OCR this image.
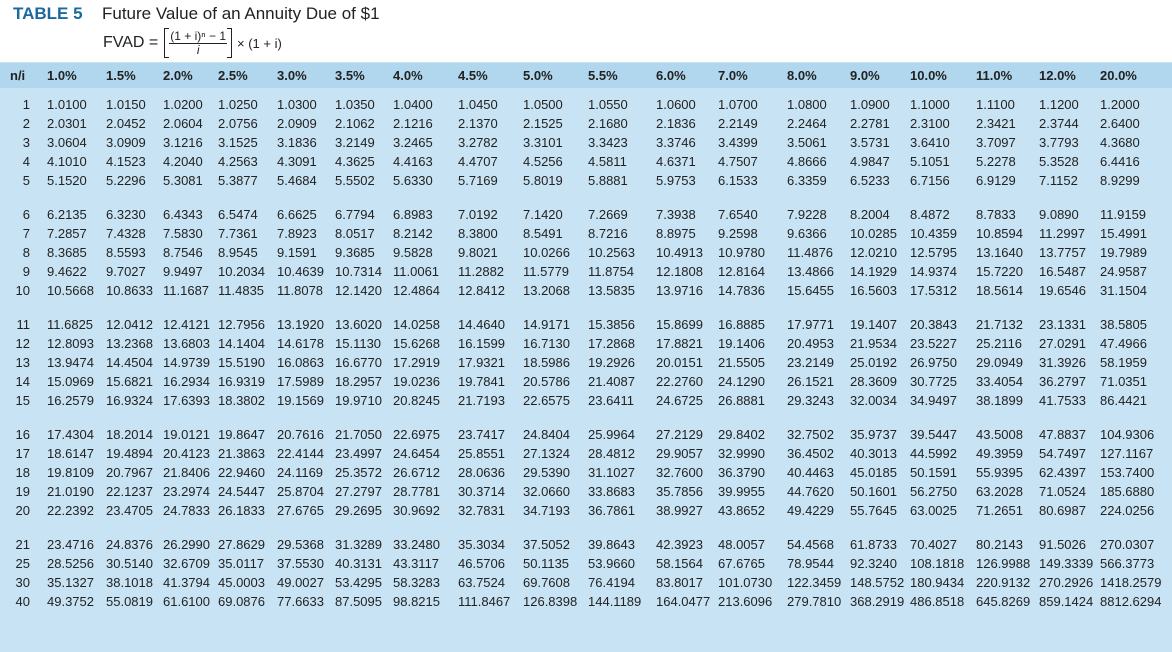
TABLE 5 Future Value of an Annuity Due of $1
FVAD = $\frac{\text{(1 + i)ⁿ − 1}}{i} \times (1 + i)$
n/i 1.0% 1.5% 2.0% 2.5% 3.0% 3.5% 4.0%	4.5%	5.0%	5.5%	6.0% 7.0%	8.0%	9.0% 10.0% 11.0% 12.0% 20.0%
1 1.0100 1.0150 1.0200 1.0250 1.0300 1.0350 1.0400 1.0450 1.0500 1.0550 1.0600 1.0700 1.0800 1.0900 1.1000 1.1100 1.1200 1.2000
2 2.0301 2.0452 2.0604 2.0756 2.0909 2.1062 2.1216 2.1370 2.1525 2.1680 2.1836 2.2149 2.2464 2.2781 2.3100 2.3421 2.3744 2.6400
3 3.0604 3.0909 3.1216 3.1525 3.1836 3.2149 3.2465 3.2782 3.3101 3.3423 3.3746 3.4399 3.5061 3.5731 3.6410 3.7097 3.7793 4.3680
4 4.1010 4.1523 4.2040 4.2563 4.3091 4.3625 4.4163 4.4707 4.5256 4.5811 4.6371 4.7507 4.8666 4.9847 5.1051 5.2278 5.3528 6.4416
5 5.1520 5.2296 5.3081 5.3877 5.4684 5.5502 5.6330 5.7169 5.8019 5.8881 5.9753 6.1533 6.3359 6.5233 6.7156 6.9129 7.1152 8.9299
6 6.2135 6.3230 6.4343 6.5474 6.6625 6.7794 6.8983 7.0192 7.1420 7.2669 7.3938 7.6540 7.9228 8.2004 8.4872 8.7833 9.0890 11.9159
7 7.2857 7.4328 7.5830 7.7361 7.8923 8.0517 8.2142 8.3800 8.5491 8.7216 8.8975 9.2598 9.6366 10.0285 10.4359 10.8594 11.2997 15.4991
8 8.3685 8.5593 8.7546 8.9545 9.1591 9.3685 9.5828 9.8021 10.0266 10.2563 10.4913 10.9780 11.4876 12.0210 12.5795 13.1640 13.7757 19.7989
9 9.4622 9.7027 9.9497 10.2034 10.4639 10.7314 11.0061 11.2882 11.5779 11.8754 12.1808 12.8164 13.4866 14.1929 14.9374 15.7220 16.5487 24.9587
10 10.5668 10.8633 11.1687 11.4835 11.8078 12.1420 12.4864 12.8412 13.2068 13.5835 13.9716 14.7836 15.6455 16.5603 17.5312 18.5614 19.6546 31.1504
11 11.6825 12.0412 12.4121 12.7956 13.1920 13.6020 14.0258 14.4640 14.9171 15.3856 15.8699 16.8885 17.9771 19.1407 20.3843 21.7132 23.1331 38.5805
12 12.8093 13.2368 13.6803 14.1404 14.6178 15.1130 15.6268 16.1599 16.7130 17.2868 17.8821 19.1406 20.4953 21.9534 23.5227 25.2116 27.0291 47.4966
13 13.9474 14.4504 14.9739 15.5190 16.0863 16.6770 17.2919 17.9321 18.5986 19.2926 20.0151 21.5505 23.2149 25.0192 26.9750 29.0949 31.3926 58.1959
14 15.0969 15.6821 16.2934 16.9319 17.5989 18.2957 19.0236 19.7841 20.5786 21.4087 22.2760 24.1290 26.1521 28.3609 30.7725 33.4054 36.2797 71.0351
15 16.2579 16.9324 17.6393 18.3802 19.1569 19.9710 20.8245 21.7193 22.6575 23.6411 24.6725 26.8881 29.3243 32.0034 34.9497 38.1899 41.7533 86.4421
16 17.4304 18.2014 19.0121 19.8647 20.7616 21.7050 22.6975 23.7417 24.8404 25.9964 27.2129 29.8402 32.7502 35.9737 39.5447 43.5008 47.8837 104.9306
17 18.6147 19.4894 20.4123 21.3863 22.4144 23.4997 24.6454 25.8551 27.1324 28.4812 29.9057 32.9990 36.4502 40.3013 44.5992 49.3959 54.7497 127.1167
18 19.8109 20.7967 21.8406 22.9460 24.1169 25.3572 26.6712 28.0636 29.5390 31.1027 32.7600 36.3790 40.4463 45.0185 50.1591 55.9395 62.4397 153.7400
19 21.0190 22.1237 23.2974 24.5447 25.8704 27.2797 28.7781 30.3714 32.0660 33.8683 35.7856 39.9955 44.7620 50.1601 56.2750 63.2028 71.0524 185.6880
20 22.2392 23.4705 24.7833 26.1833 27.6765 29.2695 30.9692 32.7831 34.7193 36.7861 38.9927 43.8652 49.4229 55.7645 63.0025 71.2651 80.6987 224.0256
21 23.4716 24.8376 26.2990 27.8629 29.5368 31.3289 33.2480 35.3034 37.5052 39.8643 42.3923 48.0057 54.4568 61.8733 70.4027 80.2143 91.5026 270.0307
25 28.5256 30.5140 32.6709 35.0117 37.5530 40.3131 43.3117 46.5706 50.1135 53.9660 58.1564 67.6765 78.9544 92.3240 108.1818 126.9988 149.3339 566.3773
30 35.1327 38.1018 41.3794 45.0003 49.0027 53.4295 58.3283 63.7524 69.7608 76.4194 83.8017 101.0730 122.3459 148.5752 180.9434 220.9132 270.2926 1418.2579
40 49.3752 55.0819 61.6100 69.0876 77.6633 87.5095 98.8215 111.8467 126.8398 144.1189 164.0477 213.6096 279.7810 368.2919 486.8518 645.8269 859.1424 8812.6294
